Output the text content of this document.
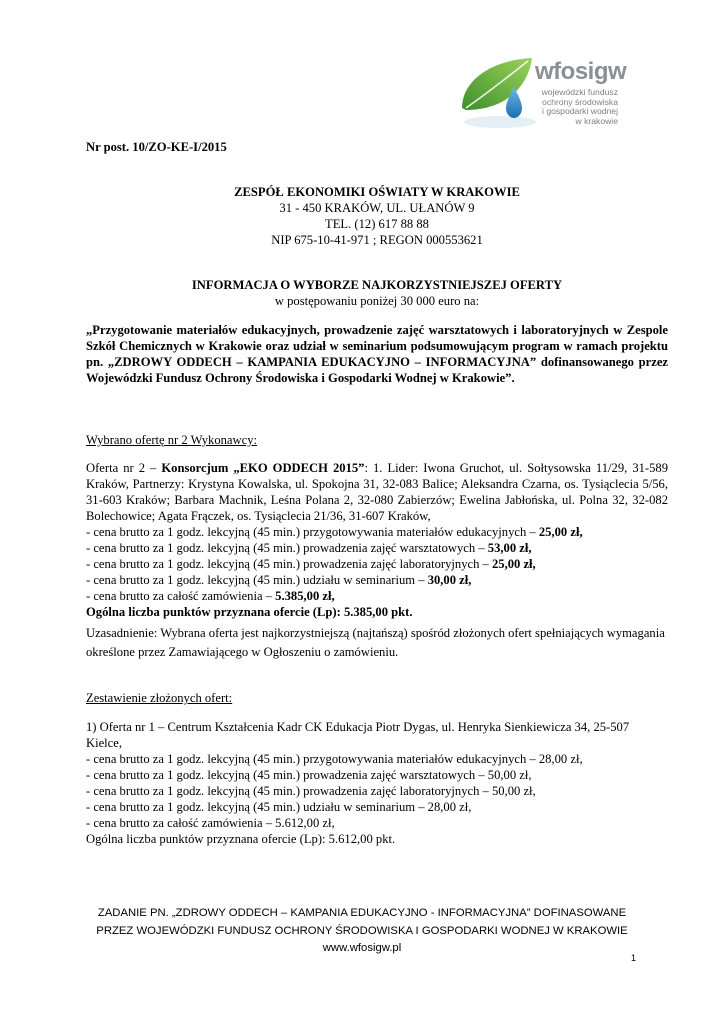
wfosigw
wojewódzki fundusz
ochrony środowiska
i gospodarki wodnej
w krakowie
Nr post. 10/ZO-KE-I/2015
ZESPÓŁ EKONOMIKI OŚWIATY W KRAKOWIE
31 - 450 KRAKÓW, UL. UŁANÓW 9
TEL. (12) 617 88 88
NIP 675-10-41-971 ; REGON 000553621
INFORMACJA O WYBORZE NAJKORZYSTNIEJSZEJ OFERTY
w postępowaniu poniżej 30 000 euro na:
„Przygotowanie materiałów edukacyjnych, prowadzenie zajęć warsztatowych i laboratoryjnych w Zespole Szkół Chemicznych w Krakowie oraz udział w seminarium podsumowującym program w ramach projektu pn. „ZDROWY ODDECH – KAMPANIA EDUKACYJNO – INFORMACYJNA” dofinansowanego przez Wojewódzki Fundusz Ochrony Środowiska i Gospodarki Wodnej w Krakowie”.
Wybrano ofertę nr 2 Wykonawcy:
Oferta nr 2 – Konsorcjum „EKO ODDECH 2015”: 1. Lider: Iwona Gruchot, ul. Sołtysowska 11/29, 31-589 Kraków, Partnerzy: Krystyna Kowalska, ul. Spokojna 31, 32-083 Balice; Aleksandra Czarna, os. Tysiąclecia 5/56, 31-603 Kraków; Barbara Machnik, Leśna Polana 2, 32-080 Zabierzów; Ewelina Jabłońska, ul. Polna 32, 32-082 Bolechowice; Agata Frączek, os. Tysiąclecia 21/36, 31-607 Kraków,
- cena brutto za 1 godz. lekcyjną (45 min.) przygotowywania materiałów edukacyjnych – 25,00 zł,
- cena brutto za 1 godz. lekcyjną (45 min.) prowadzenia zajęć warsztatowych – 53,00 zł,
- cena brutto za 1 godz. lekcyjną (45 min.) prowadzenia zajęć laboratoryjnych – 25,00 zł,
- cena brutto za 1 godz. lekcyjną (45 min.) udziału w seminarium – 30,00 zł,
- cena brutto za całość zamówienia – 5.385,00 zł,
Ogólna liczba punktów przyznana ofercie (Lp): 5.385,00 pkt.
Uzasadnienie: Wybrana oferta jest najkorzystniejszą (najtańszą) spośród złożonych ofert spełniających wymagania określone przez Zamawiającego w Ogłoszeniu o zamówieniu.
Zestawienie złożonych ofert:
1) Oferta nr 1 – Centrum Kształcenia Kadr CK Edukacja Piotr Dygas, ul. Henryka Sienkiewicza 34, 25-507 Kielce,
- cena brutto za 1 godz. lekcyjną (45 min.) przygotowywania materiałów edukacyjnych – 28,00 zł,
- cena brutto za 1 godz. lekcyjną (45 min.) prowadzenia zajęć warsztatowych – 50,00 zł,
- cena brutto za 1 godz. lekcyjną (45 min.) prowadzenia zajęć laboratoryjnych – 50,00 zł,
- cena brutto za 1 godz. lekcyjną (45 min.) udziału w seminarium – 28,00 zł,
- cena brutto za całość zamówienia – 5.612,00 zł,
Ogólna liczba punktów przyznana ofercie (Lp): 5.612,00 pkt.
ZADANIE PN. „ZDROWY ODDECH – KAMPANIA EDUKACYJNO - INFORMACYJNA” DOFINASOWANE
PRZEZ WOJEWÓDZKI FUNDUSZ OCHRONY ŚRODOWISKA I GOSPODARKI WODNEJ W KRAKOWIE
www.wfosigw.pl
1
